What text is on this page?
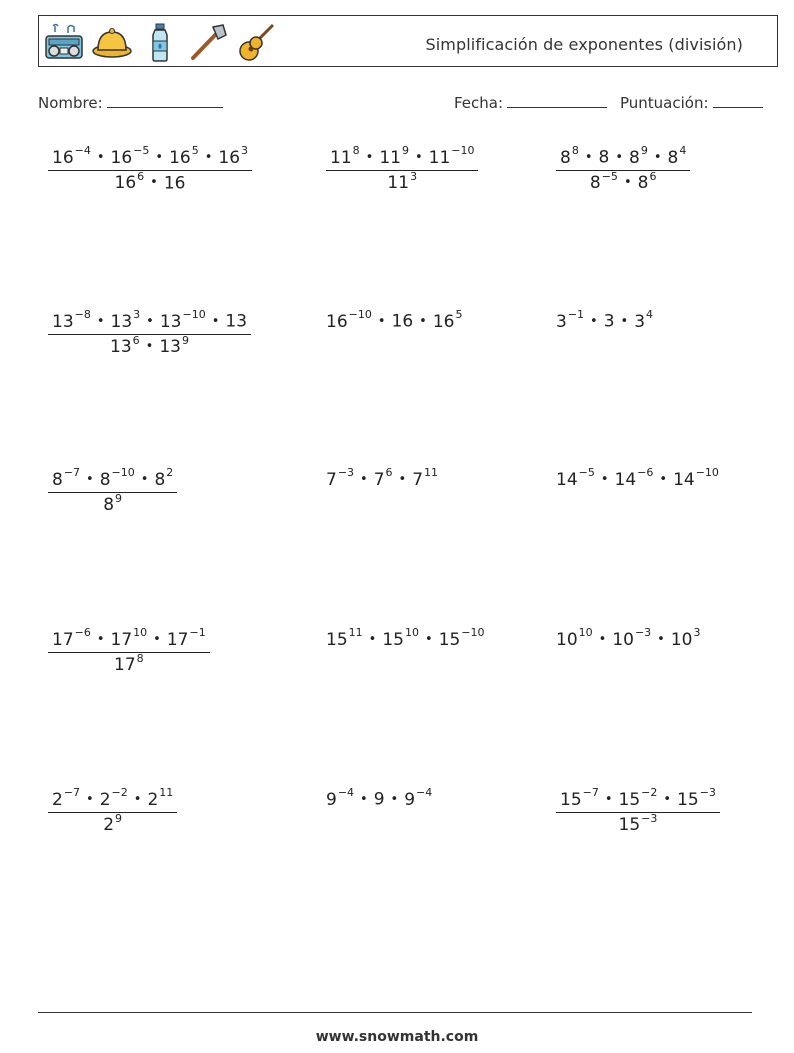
Simplificación de exponentes (división)
Nombre:	Fecha:	Puntuación:
$\frac{16^{-4} • 16^{-5} • 16^5 • 16^3}{16^6 • 16}$	$\frac{11^8 • 11^9 • 11^{-10}}{11^3}$	$\frac{8^8 • 8 • 8^9 • 8^4}{8^{-5} • 8^6}$
$\frac{13^{-8} • 13^3 • 13^{-10} • 13}{13^6 • 13^9}$	$16^{-10}$ • 16 • $16^5$	$3^{-1}$ • 3 • $3^4$
$\frac{8^{-7} • 8^{-10} • 8^2}{8^9}$	$7^{-3}$ • $7^6$ • $7^{11}$	$14^{-5}$ • $14^{-6}$ • $14^{-10}$
$\frac{17^{-6} • 17^{10} • 17^{-1}}{17^8}$	$15^{11}$ • $15^{10}$ • $15^{-10}$	$10^{10}$ • $10^{-3}$ • $10^3$
$\frac{2^{-7} • 2^{-2} • 2^{11}}{2^9}$	$9^{-4}$ • 9 • $9^{-4}$	$\frac{15^{-7} • 15^{-2} • 15^{-3}}{15^{-3}}$
www.snowmath.com
